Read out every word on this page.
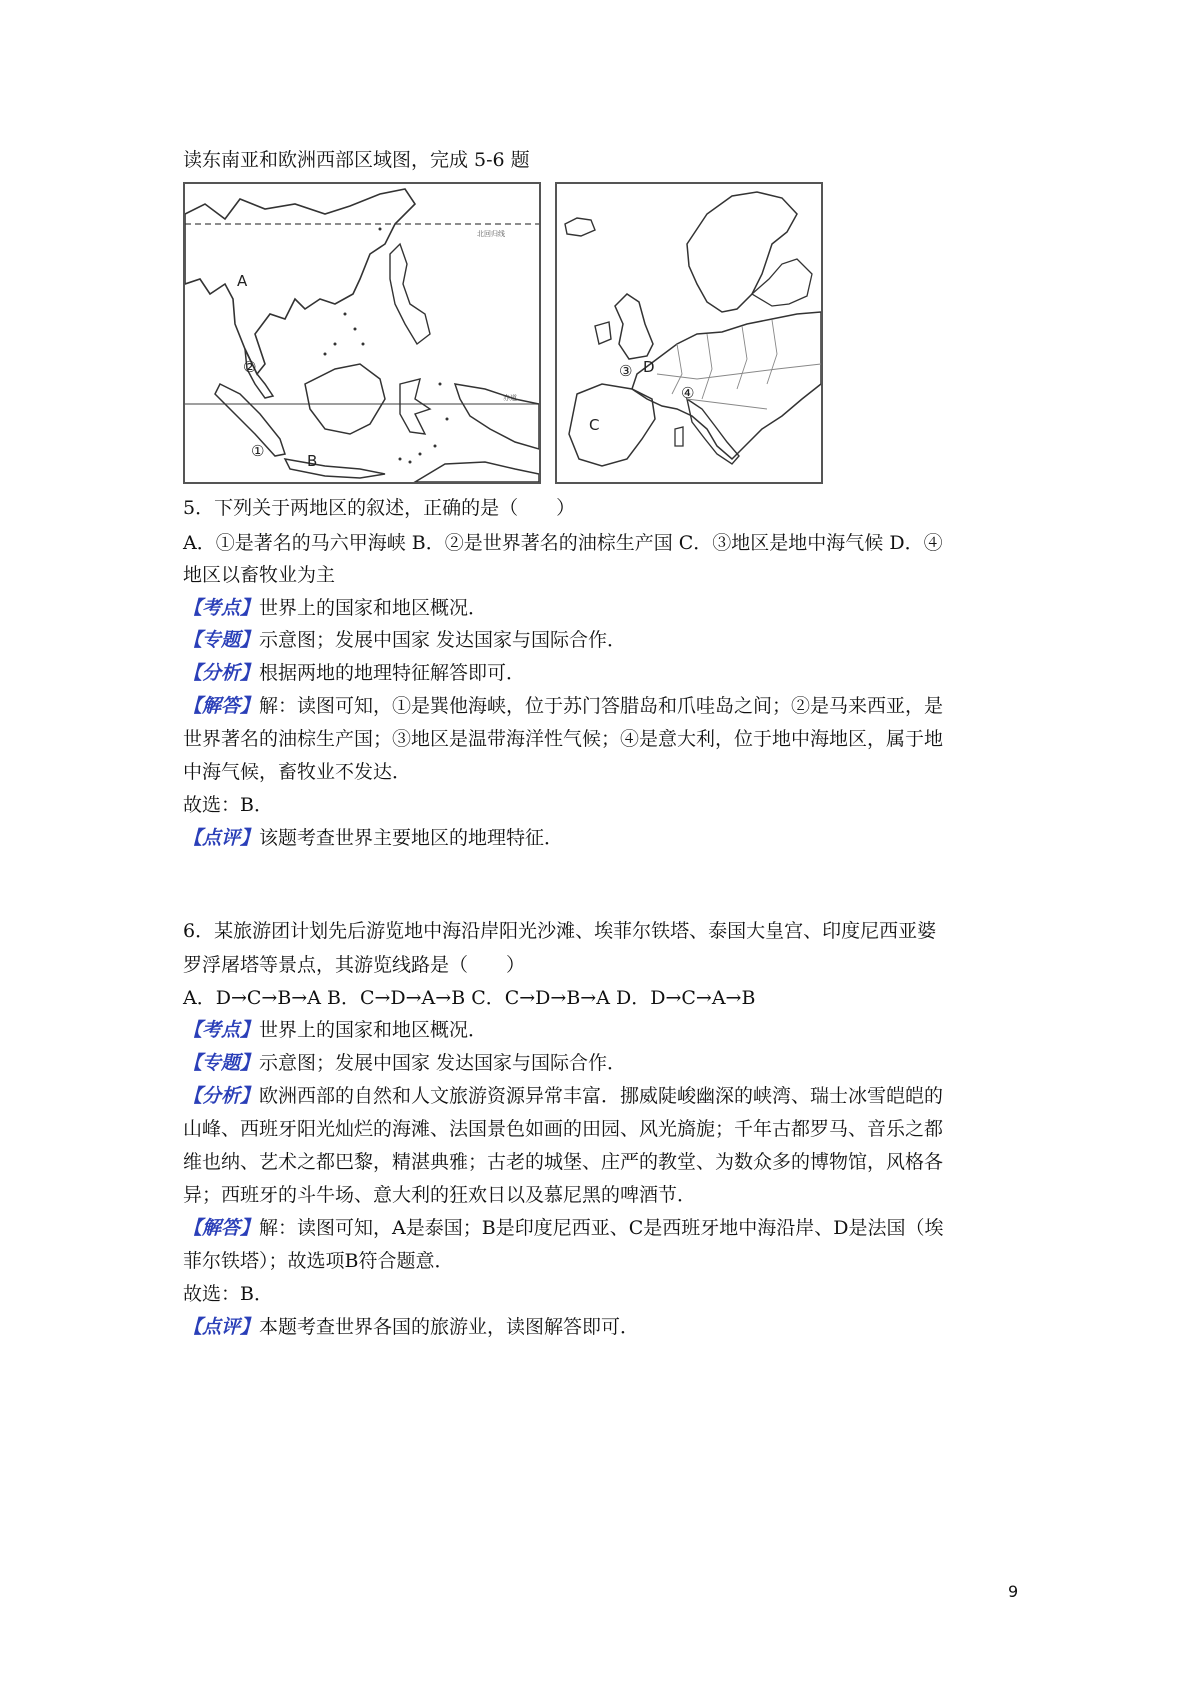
读东南亚和欧洲西部区域图，完成 5-6 题
北回归线
赤道
A
②
①
B
③ D
④
C
5．下列关于两地区的叙述，正确的是（　　）
A．①是著名的马六甲海峡 B．②是世界著名的油棕生产国 C．③地区是地中海气候 D．④
地区以畜牧业为主
【考点】世界上的国家和地区概况．
【专题】示意图；发展中国家 发达国家与国际合作．
【分析】根据两地的地理特征解答即可．
【解答】解：读图可知，①是巽他海峡，位于苏门答腊岛和爪哇岛之间；②是马来西亚，是
世界著名的油棕生产国；③地区是温带海洋性气候；④是意大利，位于地中海地区，属于地
中海气候，畜牧业不发达．
故选：B．
【点评】该题考查世界主要地区的地理特征．
6．某旅游团计划先后游览地中海沿岸阳光沙滩、埃菲尔铁塔、泰国大皇宫、印度尼西亚婆
罗浮屠塔等景点，其游览线路是（　　）
A．D→C→B→A B．C→D→A→B C．C→D→B→A D．D→C→A→B
【考点】世界上的国家和地区概况．
【专题】示意图；发展中国家 发达国家与国际合作．
【分析】欧洲西部的自然和人文旅游资源异常丰富．挪威陡峻幽深的峡湾、瑞士冰雪皑皑的
山峰、西班牙阳光灿烂的海滩、法国景色如画的田园、风光旖旎；千年古都罗马、音乐之都
维也纳、艺术之都巴黎，精湛典雅；古老的城堡、庄严的教堂、为数众多的博物馆，风格各
异；西班牙的斗牛场、意大利的狂欢日以及慕尼黑的啤酒节．
【解答】解：读图可知，A是泰国；B是印度尼西亚、C是西班牙地中海沿岸、D是法国（埃
菲尔铁塔）；故选项B符合题意．
故选：B．
【点评】本题考查世界各国的旅游业，读图解答即可．
9
